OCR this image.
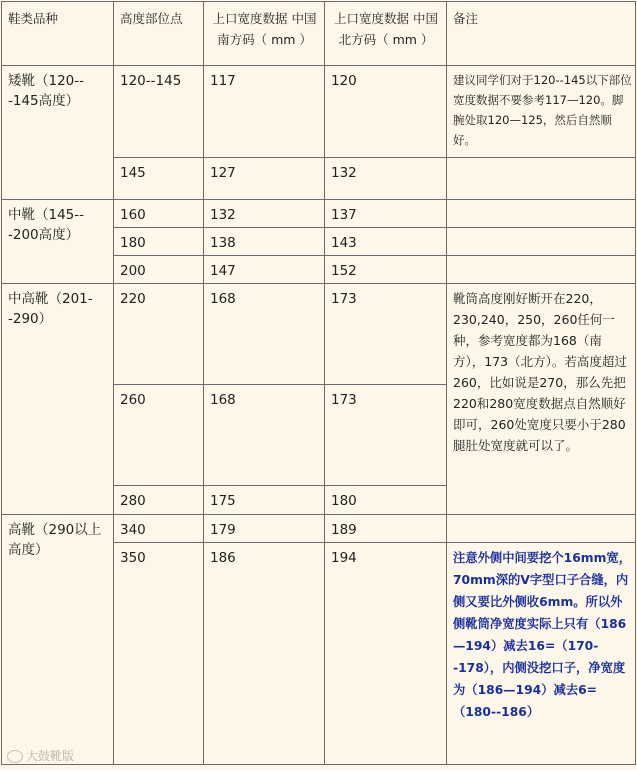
鞋类品种	高度部位点	上口宽度数据 中国南方码（ mm ）	上口宽度数据 中国北方码（ mm ）	备注
矮靴（120---145高度）	120--145	117	120	建议同学们对于120--145以下部位宽度数据不要参考117—120。脚腕处取120—125，然后自然顺好。
	145	127	132	
中靴（145---200高度）	160	132	137	
	180	138	143	
	200	147	152	
中高靴（201--290）	220	168	173	靴筒高度刚好断开在220，230,240，250，260任何一种，参考宽度都为168（南方），173（北方）。若高度超过260，比如说是270，那么先把220和280宽度数据点自然顺好即可，260处宽度只要小于280腿肚处宽度就可以了。
	260	168	173	
	280	175	180	
高靴（290以上高度）	340	179	189	
	350	186	194	注意外侧中间要挖个16mm宽，70mm深的V字型口子合缝，内侧又要比外侧收6mm。所以外侧靴筒净宽度实际上只有（186—194）减去16=（170--178），内侧没挖口子，净宽度为（186—194）减去6=（180--186）
大鼓靴版
